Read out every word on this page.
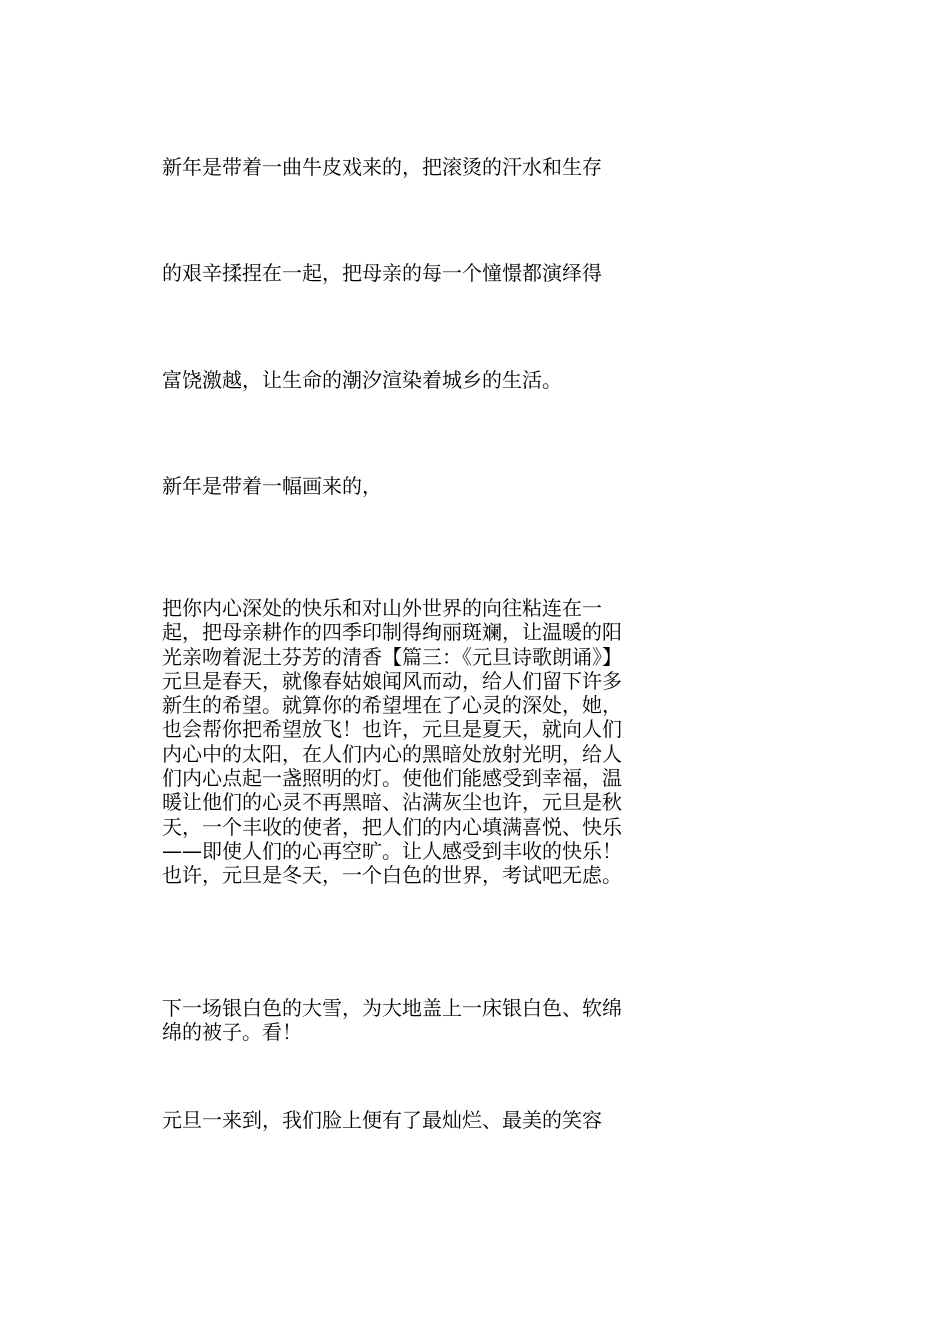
新年是带着一曲牛皮戏来的，把滚烫的汗水和生存

的艰辛揉捏在一起，把母亲的每一个憧憬都演绎得

富饶激越，让生命的潮汐渲染着城乡的生活。

新年是带着一幅画来的，

把你内心深处的快乐和对山外世界的向往粘连在一起，把母亲耕作的四季印制得绚丽斑斓，让温暖的阳光亲吻着泥土芬芳的清香【篇三：《元旦诗歌朗诵》】元旦是春天，就像春姑娘闻风而动，给人们留下许多新生的希望。就算你的希望埋在了心灵的深处，她，也会帮你把希望放飞！也许，元旦是夏天，就向人们内心中的太阳，在人们内心的黑暗处放射光明，给人们内心点起一盏照明的灯。使他们能感受到幸福，温暖让他们的心灵不再黑暗、沾满灰尘也许，元旦是秋天，一个丰收的使者，把人们的内心填满喜悦、快乐——即使人们的心再空旷。让人感受到丰收的快乐！也许，元旦是冬天，一个白色的世界，考试吧无虑。

下一场银白色的大雪，为大地盖上一床银白色、软绵绵的被子。看！

元旦一来到，我们脸上便有了最灿烂、最美的笑容
